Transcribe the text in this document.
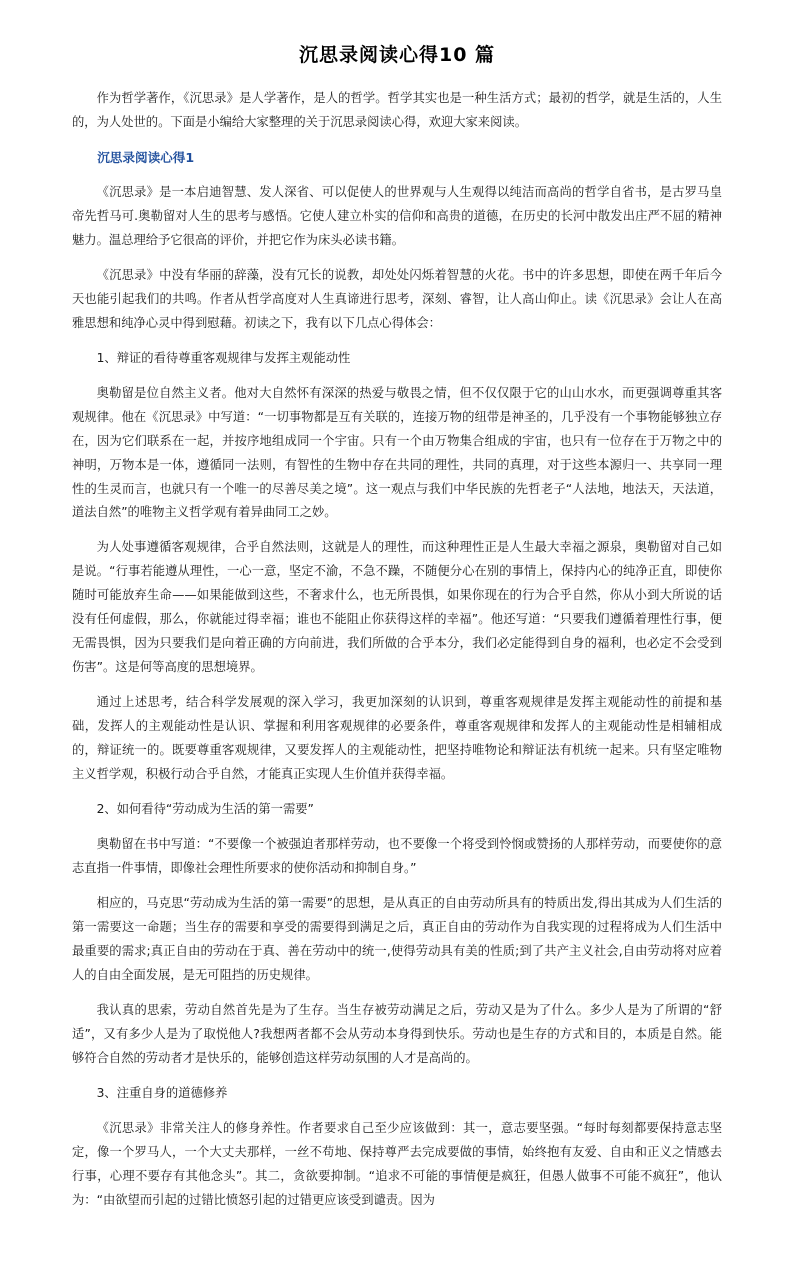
沉思录阅读心得10 篇

作为哲学著作，《沉思录》是人学著作，是人的哲学。哲学其实也是一种生活方式；最初的哲学，就是生活的，人生的，为人处世的。下面是小编给大家整理的关于沉思录阅读心得，欢迎大家来阅读。

沉思录阅读心得1

《沉思录》是一本启迪智慧、发人深省、可以促使人的世界观与人生观得以纯洁而高尚的哲学自省书，是古罗马皇帝先哲马可.奥勒留对人生的思考与感悟。它使人建立朴实的信仰和高贵的道德，在历史的长河中散发出庄严不屈的精神魅力。温总理给予它很高的评价，并把它作为床头必读书籍。

《沉思录》中没有华丽的辞藻，没有冗长的说教，却处处闪烁着智慧的火花。书中的许多思想，即使在两千年后今天也能引起我们的共鸣。作者从哲学高度对人生真谛进行思考，深刻、睿智，让人高山仰止。读《沉思录》会让人在高雅思想和纯净心灵中得到慰藉。初读之下，我有以下几点心得体会：

1、辩证的看待尊重客观规律与发挥主观能动性

奥勒留是位自然主义者。他对大自然怀有深深的热爱与敬畏之情，但不仅仅限于它的山山水水，而更强调尊重其客观规律。他在《沉思录》中写道：“一切事物都是互有关联的，连接万物的纽带是神圣的，几乎没有一个事物能够独立存在，因为它们联系在一起，并按序地组成同一个宇宙。只有一个由万物集合组成的宇宙，也只有一位存在于万物之中的神明，万物本是一体，遵循同一法则，有智性的生物中存在共同的理性，共同的真理，对于这些本源归一、共享同一理性的生灵而言，也就只有一个唯一的尽善尽美之境”。这一观点与我们中华民族的先哲老子“人法地，地法天，天法道，道法自然”的唯物主义哲学观有着异曲同工之妙。

为人处事遵循客观规律，合乎自然法则，这就是人的理性，而这种理性正是人生最大幸福之源泉，奥勒留对自己如是说。“行事若能遵从理性，一心一意，坚定不渝，不急不躁，不随便分心在别的事情上，保持内心的纯净正直，即使你随时可能放弃生命——如果能做到这些，不奢求什么，也无所畏惧，如果你现在的行为合乎自然，你从小到大所说的话没有任何虚假，那么，你就能过得幸福；谁也不能阻止你获得这样的幸福”。他还写道：“只要我们遵循着理性行事，便无需畏惧，因为只要我们是向着正确的方向前进，我们所做的合乎本分，我们必定能得到自身的福利，也必定不会受到伤害”。这是何等高度的思想境界。

通过上述思考，结合科学发展观的深入学习，我更加深刻的认识到，尊重客观规律是发挥主观能动性的前提和基础，发挥人的主观能动性是认识、掌握和利用客观规律的必要条件，尊重客观规律和发挥人的主观能动性是相辅相成的，辩证统一的。既要尊重客观规律，又要发挥人的主观能动性，把坚持唯物论和辩证法有机统一起来。只有坚定唯物主义哲学观，积极行动合乎自然，才能真正实现人生价值并获得幸福。

2、如何看待“劳动成为生活的第一需要”

奥勒留在书中写道：“不要像一个被强迫者那样劳动，也不要像一个将受到怜悯或赞扬的人那样劳动，而要使你的意志直指一件事情，即像社会理性所要求的使你活动和抑制自身。”

相应的，马克思“劳动成为生活的第一需要”的思想，是从真正的自由劳动所具有的特质出发,得出其成为人们生活的第一需要这一命题；当生存的需要和享受的需要得到满足之后，真正自由的劳动作为自我实现的过程将成为人们生活中最重要的需求;真正自由的劳动在于真、善在劳动中的统一,使得劳动具有美的性质;到了共产主义社会,自由劳动将对应着人的自由全面发展，是无可阻挡的历史规律。

我认真的思索，劳动自然首先是为了生存。当生存被劳动满足之后，劳动又是为了什么。多少人是为了所谓的“舒适”，又有多少人是为了取悦他人?我想两者都不会从劳动本身得到快乐。劳动也是生存的方式和目的，本质是自然。能够符合自然的劳动者才是快乐的，能够创造这样劳动氛围的人才是高尚的。

3、注重自身的道德修养

《沉思录》非常关注人的修身养性。作者要求自己至少应该做到：其一，意志要坚强。“每时每刻都要保持意志坚定，像一个罗马人，一个大丈夫那样，一丝不苟地、保持尊严去完成要做的事情，始终抱有友爱、自由和正义之情感去行事，心理不要存有其他念头”。其二，贪欲要抑制。“追求不可能的事情便是疯狂，但愚人做事不可能不疯狂”，他认为：“由欲望而引起的过错比愤怒引起的过错更应该受到谴责。因为
